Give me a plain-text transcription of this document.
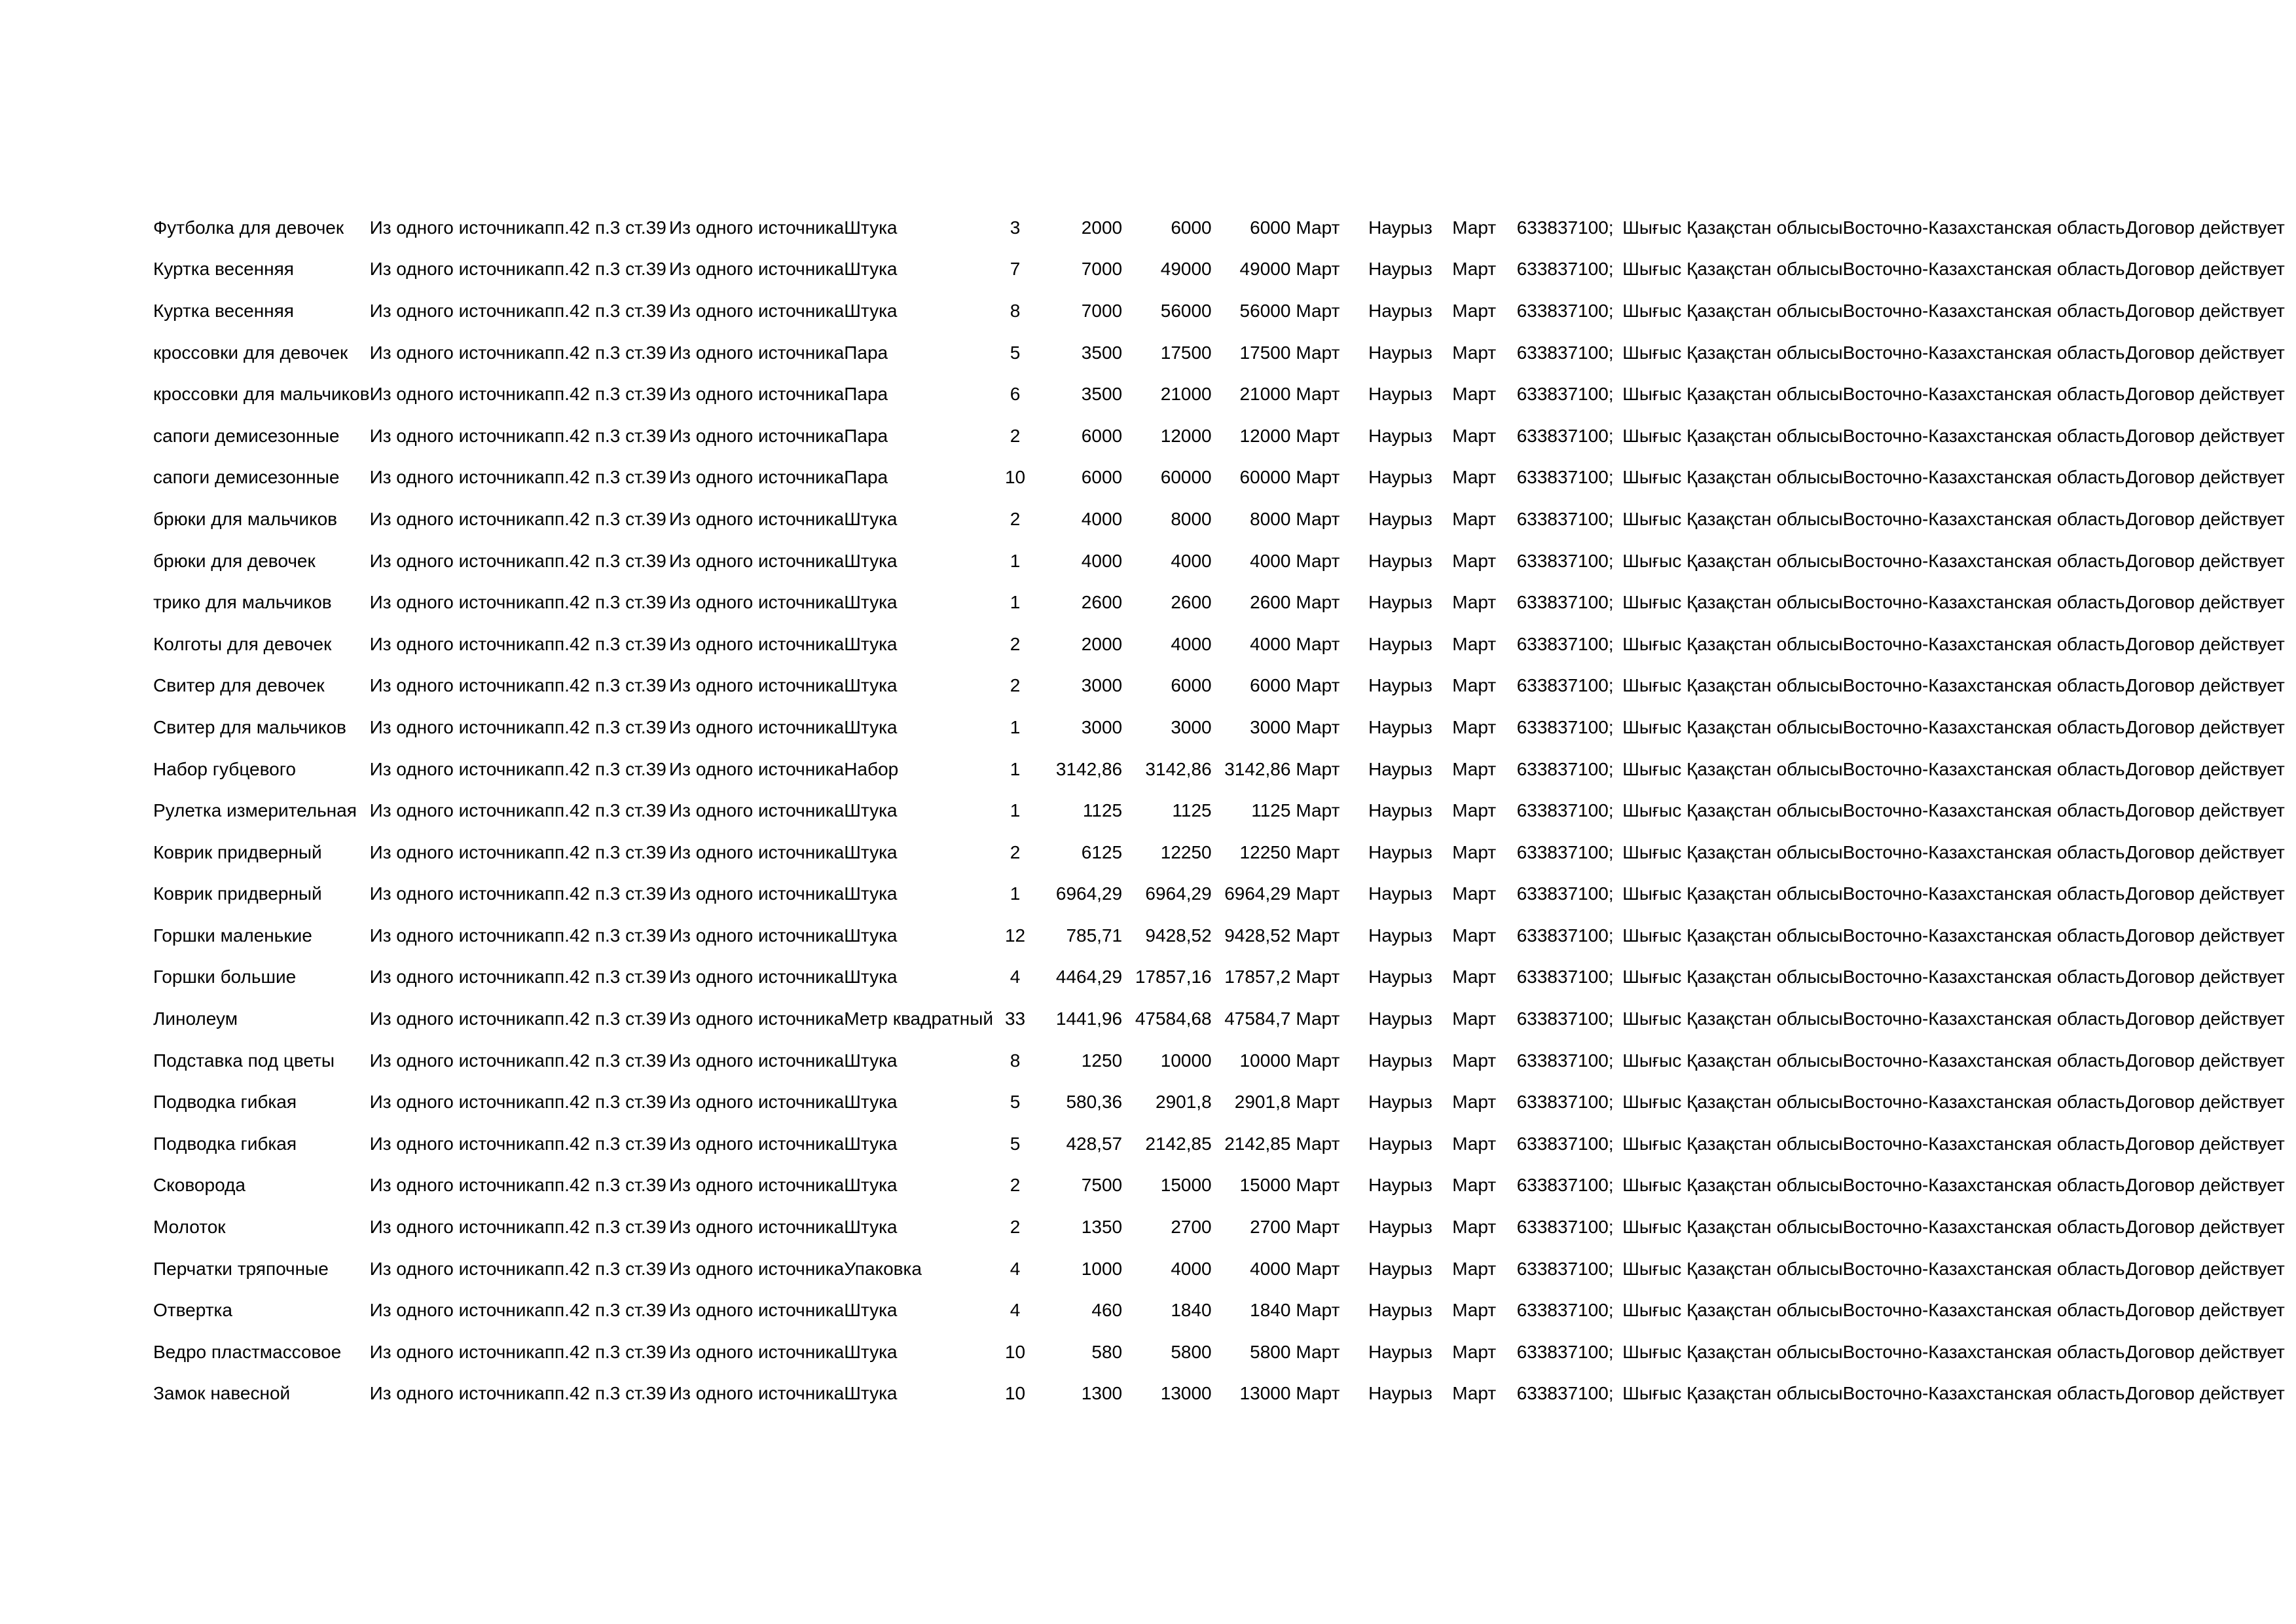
Футболка для девочек	Из одного источника	пп.42 п.3 ст.39	Из одного источника	Штука	3	2000	6000	6000	Март	Наурыз	Март	633837100;	Шығыс Қазақстан облысы	Восточно-Казахстанская область	Договор действует
Куртка весенняя	Из одного источника	пп.42 п.3 ст.39	Из одного источника	Штука	7	7000	49000	49000	Март	Наурыз	Март	633837100;	Шығыс Қазақстан облысы	Восточно-Казахстанская область	Договор действует
Куртка весенняя	Из одного источника	пп.42 п.3 ст.39	Из одного источника	Штука	8	7000	56000	56000	Март	Наурыз	Март	633837100;	Шығыс Қазақстан облысы	Восточно-Казахстанская область	Договор действует
кроссовки для девочек	Из одного источника	пп.42 п.3 ст.39	Из одного источника	Пара	5	3500	17500	17500	Март	Наурыз	Март	633837100;	Шығыс Қазақстан облысы	Восточно-Казахстанская область	Договор действует
кроссовки для мальчиков	Из одного источника	пп.42 п.3 ст.39	Из одного источника	Пара	6	3500	21000	21000	Март	Наурыз	Март	633837100;	Шығыс Қазақстан облысы	Восточно-Казахстанская область	Договор действует
сапоги демисезонные	Из одного источника	пп.42 п.3 ст.39	Из одного источника	Пара	2	6000	12000	12000	Март	Наурыз	Март	633837100;	Шығыс Қазақстан облысы	Восточно-Казахстанская область	Договор действует
сапоги демисезонные	Из одного источника	пп.42 п.3 ст.39	Из одного источника	Пара	10	6000	60000	60000	Март	Наурыз	Март	633837100;	Шығыс Қазақстан облысы	Восточно-Казахстанская область	Договор действует
брюки для мальчиков	Из одного источника	пп.42 п.3 ст.39	Из одного источника	Штука	2	4000	8000	8000	Март	Наурыз	Март	633837100;	Шығыс Қазақстан облысы	Восточно-Казахстанская область	Договор действует
брюки для девочек	Из одного источника	пп.42 п.3 ст.39	Из одного источника	Штука	1	4000	4000	4000	Март	Наурыз	Март	633837100;	Шығыс Қазақстан облысы	Восточно-Казахстанская область	Договор действует
трико для мальчиков	Из одного источника	пп.42 п.3 ст.39	Из одного источника	Штука	1	2600	2600	2600	Март	Наурыз	Март	633837100;	Шығыс Қазақстан облысы	Восточно-Казахстанская область	Договор действует
Колготы для девочек	Из одного источника	пп.42 п.3 ст.39	Из одного источника	Штука	2	2000	4000	4000	Март	Наурыз	Март	633837100;	Шығыс Қазақстан облысы	Восточно-Казахстанская область	Договор действует
Свитер для девочек	Из одного источника	пп.42 п.3 ст.39	Из одного источника	Штука	2	3000	6000	6000	Март	Наурыз	Март	633837100;	Шығыс Қазақстан облысы	Восточно-Казахстанская область	Договор действует
Свитер для мальчиков	Из одного источника	пп.42 п.3 ст.39	Из одного источника	Штука	1	3000	3000	3000	Март	Наурыз	Март	633837100;	Шығыс Қазақстан облысы	Восточно-Казахстанская область	Договор действует
Набор губцевого	Из одного источника	пп.42 п.3 ст.39	Из одного источника	Набор	1	3142,86	3142,86	3142,86	Март	Наурыз	Март	633837100;	Шығыс Қазақстан облысы	Восточно-Казахстанская область	Договор действует
Рулетка измерительная	Из одного источника	пп.42 п.3 ст.39	Из одного источника	Штука	1	1125	1125	1125	Март	Наурыз	Март	633837100;	Шығыс Қазақстан облысы	Восточно-Казахстанская область	Договор действует
Коврик придверный	Из одного источника	пп.42 п.3 ст.39	Из одного источника	Штука	2	6125	12250	12250	Март	Наурыз	Март	633837100;	Шығыс Қазақстан облысы	Восточно-Казахстанская область	Договор действует
Коврик придверный	Из одного источника	пп.42 п.3 ст.39	Из одного источника	Штука	1	6964,29	6964,29	6964,29	Март	Наурыз	Март	633837100;	Шығыс Қазақстан облысы	Восточно-Казахстанская область	Договор действует
Горшки маленькие	Из одного источника	пп.42 п.3 ст.39	Из одного источника	Штука	12	785,71	9428,52	9428,52	Март	Наурыз	Март	633837100;	Шығыс Қазақстан облысы	Восточно-Казахстанская область	Договор действует
Горшки большие	Из одного источника	пп.42 п.3 ст.39	Из одного источника	Штука	4	4464,29	17857,16	17857,2	Март	Наурыз	Март	633837100;	Шығыс Қазақстан облысы	Восточно-Казахстанская область	Договор действует
Линолеум	Из одного источника	пп.42 п.3 ст.39	Из одного источника	Метр квадратный	33	1441,96	47584,68	47584,7	Март	Наурыз	Март	633837100;	Шығыс Қазақстан облысы	Восточно-Казахстанская область	Договор действует
Подставка под цветы	Из одного источника	пп.42 п.3 ст.39	Из одного источника	Штука	8	1250	10000	10000	Март	Наурыз	Март	633837100;	Шығыс Қазақстан облысы	Восточно-Казахстанская область	Договор действует
Подводка гибкая	Из одного источника	пп.42 п.3 ст.39	Из одного источника	Штука	5	580,36	2901,8	2901,8	Март	Наурыз	Март	633837100;	Шығыс Қазақстан облысы	Восточно-Казахстанская область	Договор действует
Подводка гибкая	Из одного источника	пп.42 п.3 ст.39	Из одного источника	Штука	5	428,57	2142,85	2142,85	Март	Наурыз	Март	633837100;	Шығыс Қазақстан облысы	Восточно-Казахстанская область	Договор действует
Сковорода	Из одного источника	пп.42 п.3 ст.39	Из одного источника	Штука	2	7500	15000	15000	Март	Наурыз	Март	633837100;	Шығыс Қазақстан облысы	Восточно-Казахстанская область	Договор действует
Молоток	Из одного источника	пп.42 п.3 ст.39	Из одного источника	Штука	2	1350	2700	2700	Март	Наурыз	Март	633837100;	Шығыс Қазақстан облысы	Восточно-Казахстанская область	Договор действует
Перчатки тряпочные	Из одного источника	пп.42 п.3 ст.39	Из одного источника	Упаковка	4	1000	4000	4000	Март	Наурыз	Март	633837100;	Шығыс Қазақстан облысы	Восточно-Казахстанская область	Договор действует
Отвертка	Из одного источника	пп.42 п.3 ст.39	Из одного источника	Штука	4	460	1840	1840	Март	Наурыз	Март	633837100;	Шығыс Қазақстан облысы	Восточно-Казахстанская область	Договор действует
Ведро пластмассовое	Из одного источника	пп.42 п.3 ст.39	Из одного источника	Штука	10	580	5800	5800	Март	Наурыз	Март	633837100;	Шығыс Қазақстан облысы	Восточно-Казахстанская область	Договор действует
Замок навесной	Из одного источника	пп.42 п.3 ст.39	Из одного источника	Штука	10	1300	13000	13000	Март	Наурыз	Март	633837100;	Шығыс Қазақстан облысы	Восточно-Казахстанская область	Договор действует
